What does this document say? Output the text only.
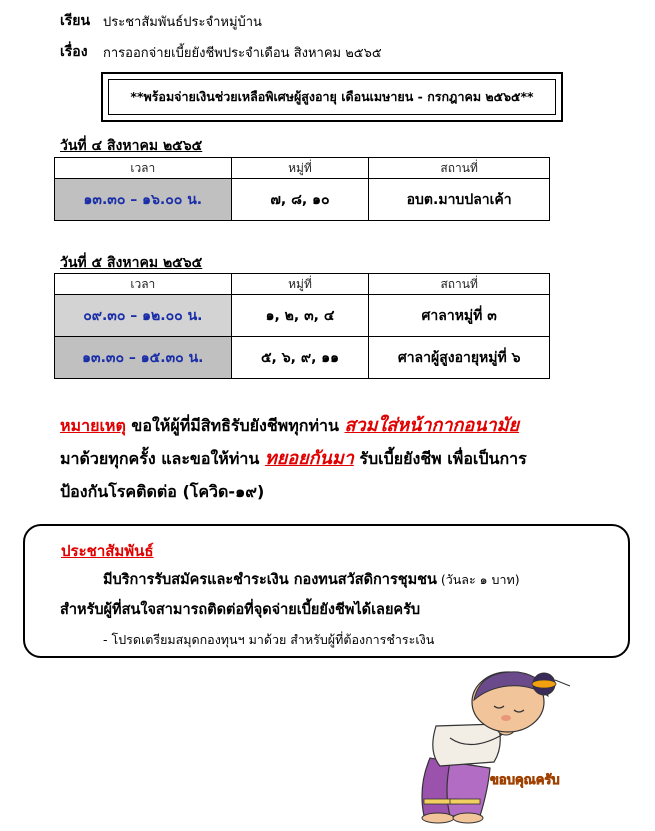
เรียน ประชาสัมพันธ์ประจำหมู่บ้าน
เรื่อง การออกจ่ายเบี้ยยังชีพประจำเดือน สิงหาคม ๒๕๖๕
**พร้อมจ่ายเงินช่วยเหลือพิเศษผู้สูงอายุ เดือนเมษายน - กรกฎาคม ๒๕๖๕**
วันที่ ๔ สิงหาคม ๒๕๖๕
เวลา	หมู่ที่	สถานที่
๑๓.๓๐ – ๑๖.๐๐ น.	๗, ๘, ๑๐	อบต.มาบปลาเค้า
วันที่ ๕ สิงหาคม ๒๕๖๕
เวลา	หมู่ที่	สถานที่
๐๙.๓๐ – ๑๒.๐๐ น.	๑, ๒, ๓, ๔	ศาลาหมู่ที่ ๓
๑๓.๓๐ – ๑๕.๓๐ น.	๕, ๖, ๙, ๑๑	ศาลาผู้สูงอายุหมู่ที่ ๖
หมายเหตุ ขอให้ผู้ที่มีสิทธิรับยังชีพทุกท่าน สวมใส่หน้ากากอนามัย
มาด้วยทุกครั้ง และขอให้ท่าน ทยอยกันมา รับเบี้ยยังชีพ เพื่อเป็นการ
ป้องกันโรคติดต่อ (โควิด-๑๙)
ประชาสัมพันธ์
มีบริการรับสมัครและชำระเงิน กองทนสวัสดิการชุมชน (วันละ ๑ บาท)
สำหรับผู้ที่สนใจสามารถติดต่อที่จุดจ่ายเบี้ยยังชีพได้เลยครับ
- โปรดเตรียมสมุดกองทุนฯ มาด้วย สำหรับผู้ที่ต้องการชำระเงิน
ขอบคุณครับ
